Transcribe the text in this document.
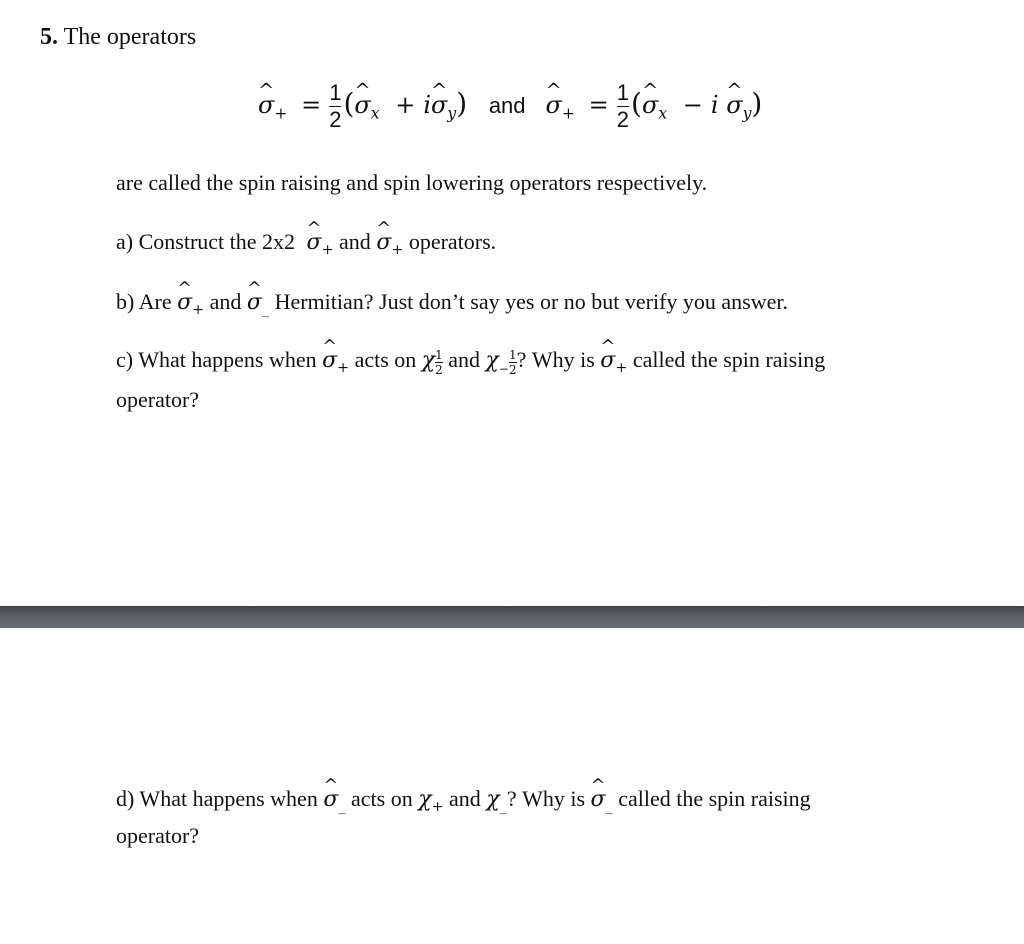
5. The operators
^ $\sigma_+ = \frac{1}{2}$ (^ $\sigma_x$ + i^ $\sigma_y$) and ^ $\sigma_+ = \frac{1}{2}$ (^ $\sigma_x - i$ ^ $\sigma_y$)
are called the spin raising and spin lowering operators respectively.
a) Construct the 2x2 ^ $\sigma_+$ and ^ $\sigma_+$ operators.
b) Are ^ $\sigma_+$ and ^ $\sigma_{\_}$ Hermitian? Just don’t say yes or no but verify you answer.
c) What happens when ^ $\sigma_+$ acts on χ $\frac{1}{2}$ and $\chi_- \frac{1}{2}$ ? Why is ^ $\sigma_+$ called the spin raising
operator?
d) What happens when ^ $\sigma_{\_}$ acts on $\chi_+$ and $\chi_{\_}$? Why is ^ $\sigma_{\_}$ called the spin raising
operator?
